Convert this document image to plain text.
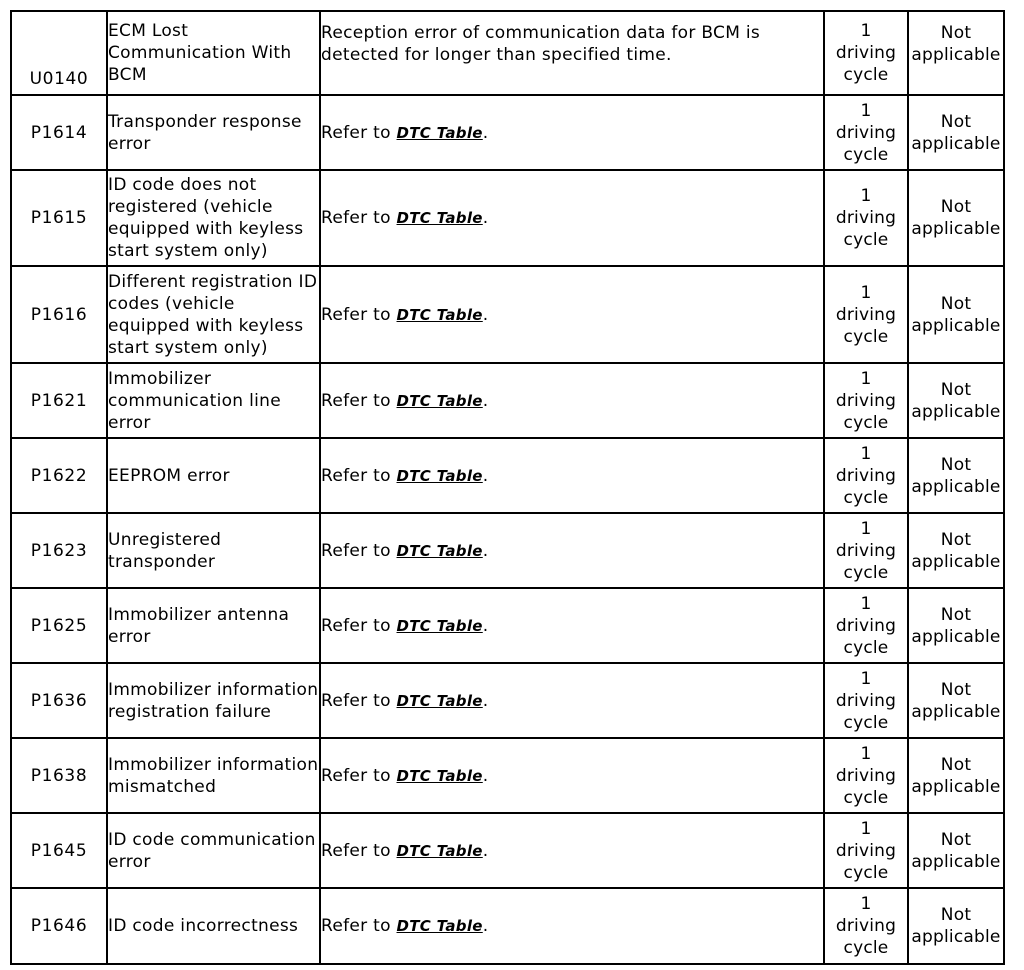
U0140	ECM Lost Communication With BCM	Reception error of communication data for BCM is detected for longer than specified time.	1
driving
cycle	Not
applicable

P1614	Transponder response error	Refer to DTC Table.	1
driving
cycle	Not
applicable

P1615	ID code does not registered (vehicle equipped with keyless start system only)	Refer to DTC Table.	1
driving
cycle	Not
applicable

P1616	Different registration ID codes (vehicle equipped with keyless start system only)	Refer to DTC Table.	1
driving
cycle	Not
applicable

P1621	Immobilizer communication line error	Refer to DTC Table.	1
driving
cycle	Not
applicable

P1622	EEPROM error	Refer to DTC Table.	1
driving
cycle	Not
applicable

P1623	Unregistered transponder	Refer to DTC Table.	1
driving
cycle	Not
applicable

P1625	Immobilizer antenna error	Refer to DTC Table.	1
driving
cycle	Not
applicable

P1636	Immobilizer information registration failure	Refer to DTC Table.	1
driving
cycle	Not
applicable

P1638	Immobilizer information mismatched	Refer to DTC Table.	1
driving
cycle	Not
applicable

P1645	ID code communication error	Refer to DTC Table.	1
driving
cycle	Not
applicable

P1646	ID code incorrectness	Refer to DTC Table.	1
driving
cycle	Not
applicable
